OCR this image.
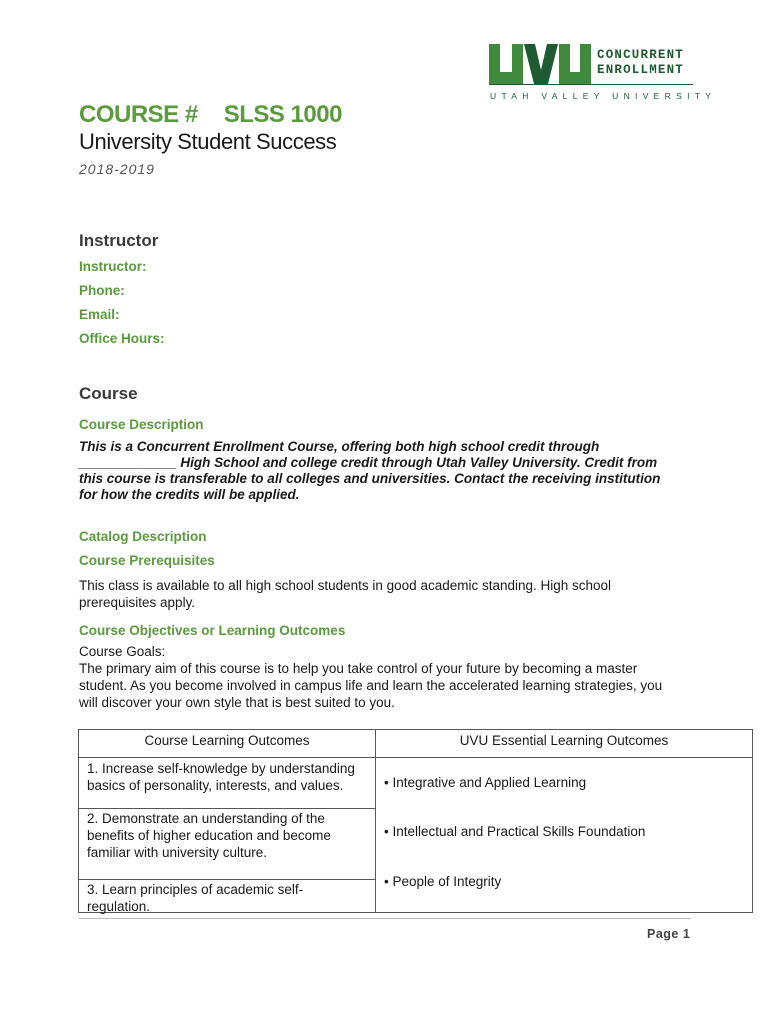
CONCURRENT
ENROLLMENT
UTAH VALLEY UNIVERSITY
COURSE # SLSS 1000
University Student Success
2018-2019
Instructor
Instructor:
Phone:
Email:
Office Hours:
Course
Course Description
This is a Concurrent Enrollment Course, offering both high school credit through
_____________ High School and college credit through Utah Valley University. Credit from
this course is transferable to all colleges and universities. Contact the receiving institution
for how the credits will be applied.
Catalog Description
Course Prerequisites
This class is available to all high school students in good academic standing. High school
prerequisites apply.
Course Objectives or Learning Outcomes
Course Goals:
The primary aim of this course is to help you take control of your future by becoming a master
student. As you become involved in campus life and learn the accelerated learning strategies, you
will discover your own style that is best suited to you.
Course Learning Outcomes	UVU Essential Learning Outcomes
1. Increase self-knowledge by understanding
basics of personality, interests, and values.
2. Demonstrate an understanding of the
benefits of higher education and become
familiar with university culture.
3. Learn principles of academic self-
regulation.
• Integrative and Applied Learning
• Intellectual and Practical Skills Foundation
• People of Integrity
Page 1
